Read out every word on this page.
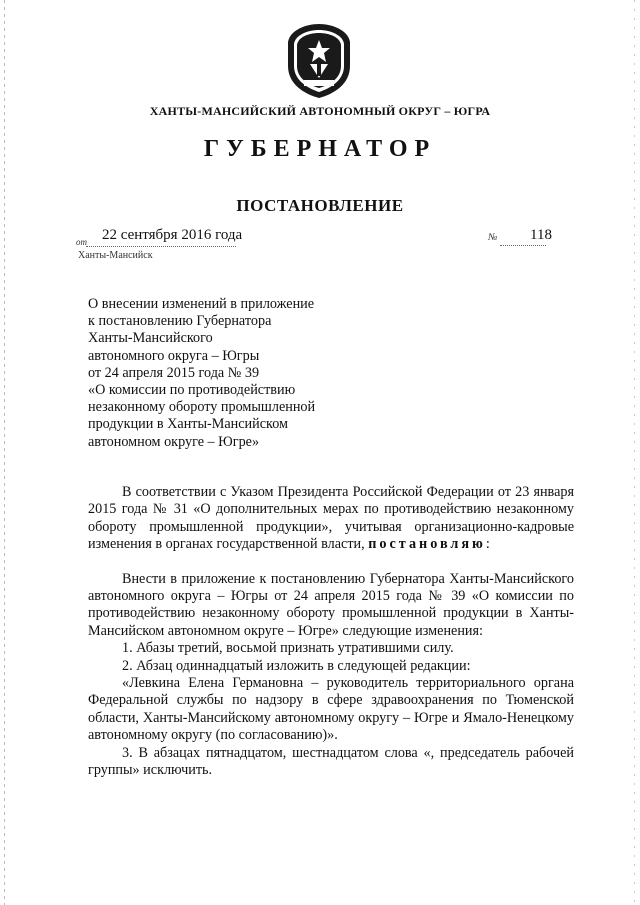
ХАНТЫ-МАНСИЙСКИЙ АВТОНОМНЫЙ ОКРУГ – ЮГРА
ГУБЕРНАТОР
ПОСТАНОВЛЕНИЕ
от 22 сентября 2016 года	№ 118
Ханты-Мансийск
О внесении изменений в приложение
к постановлению Губернатора
Ханты-Мансийского
автономного округа – Югры
от 24 апреля 2015 года № 39
«О комиссии по противодействию
незаконному обороту промышленной
продукции в Ханты-Мансийском
автономном округе – Югре»

В соответствии с Указом Президента Российской Федерации от 23 января 2015 года № 31 «О дополнительных мерах по противодействию незаконному обороту промышленной продукции», учитывая организационно-кадровые изменения в органах государственной власти, постановляю:

Внести в приложение к постановлению Губернатора Ханты-Мансийского автономного округа – Югры от 24 апреля 2015 года № 39 «О комиссии по противодействию незаконному обороту промышленной продукции в Ханты-Мансийском автономном округе – Югре» следующие изменения:

1. Абазы третий, восьмой признать утратившими силу.

2. Абзац одиннадцатый изложить в следующей редакции:

«Левкина Елена Германовна – руководитель территориального органа Федеральной службы по надзору в сфере здравоохранения по Тюменской области, Ханты-Мансийскому автономному округу – Югре и Ямало-Ненецкому автономному округу (по согласованию)».

3. В абзацах пятнадцатом, шестнадцатом слова «, председатель рабочей группы» исключить.
